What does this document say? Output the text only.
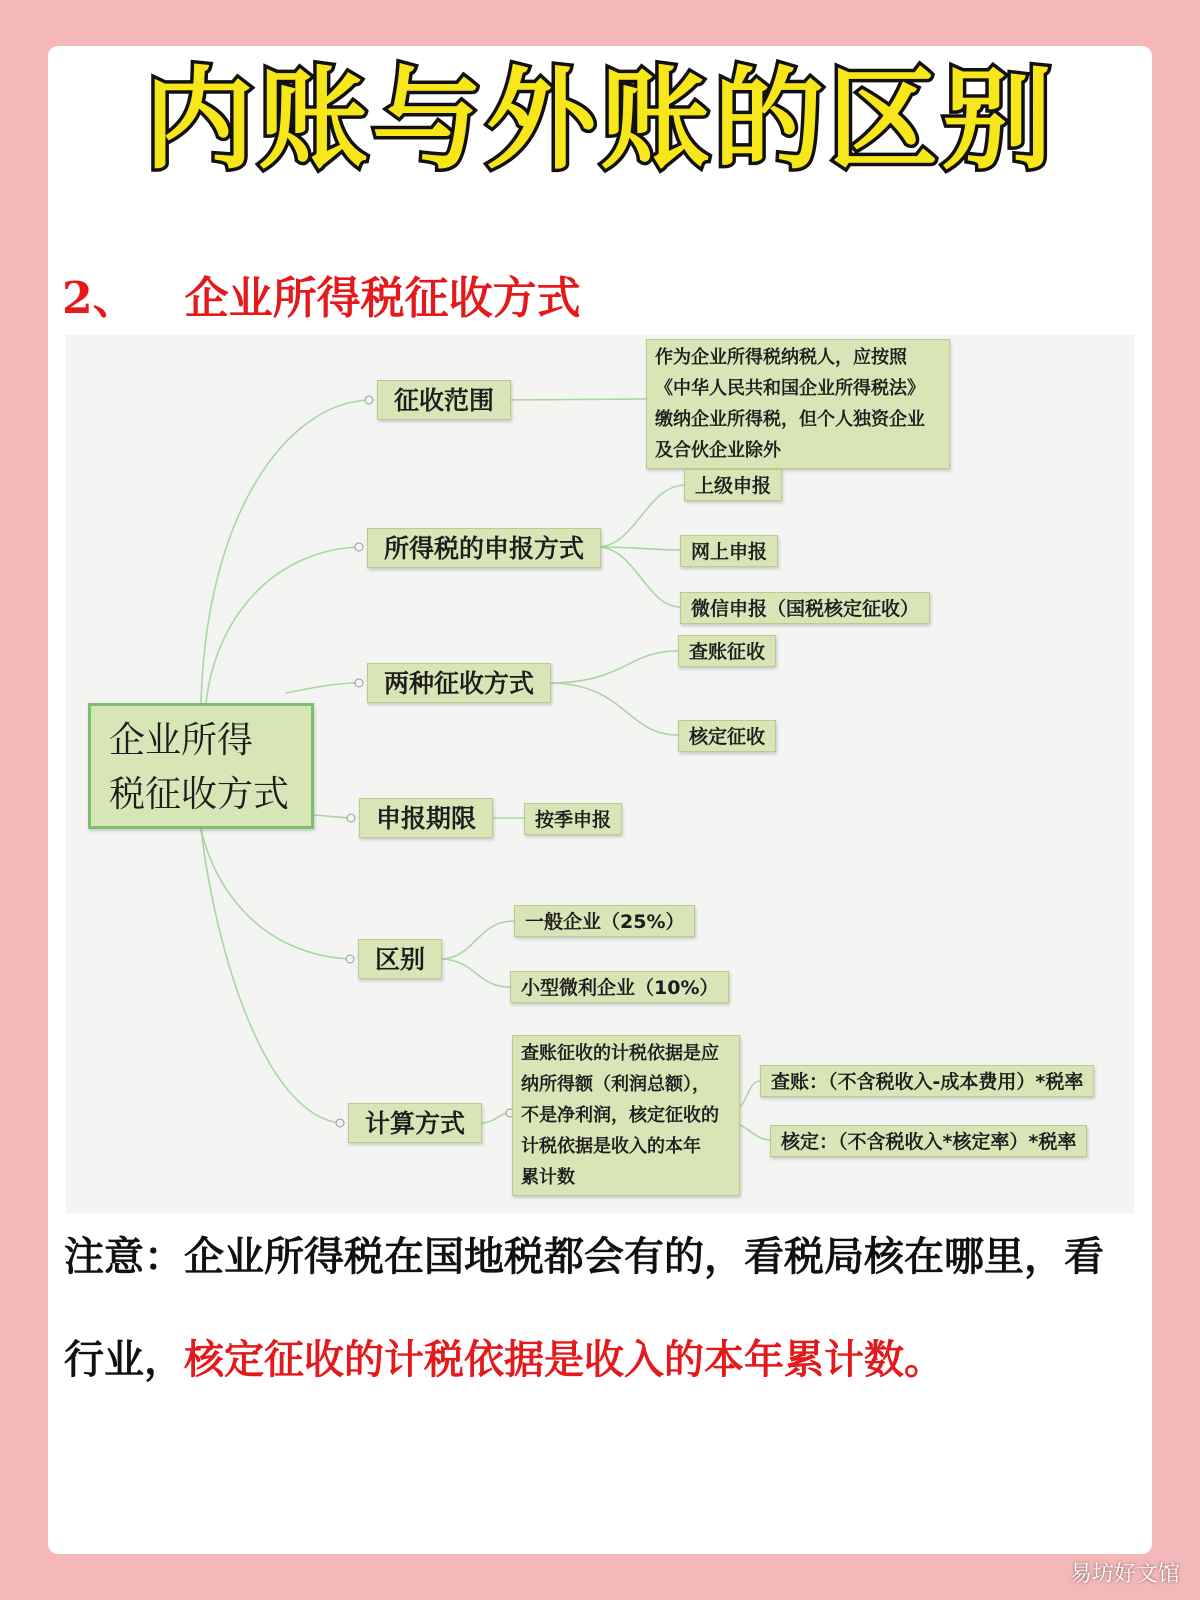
内账与外账的区别
2、 企业所得税征收方式
企业所得
税征收方式
征收范围
作为企业所得税纳税人，应按照
《中华人民共和国企业所得税法》
缴纳企业所得税，但个人独资企业
及合伙企业除外
所得税的申报方式
上级申报
网上申报
微信申报（国税核定征收）
两种征收方式
查账征收
核定征收
申报期限	按季申报
区别
一般企业（25%）
小型微利企业（10%）
计算方式
查账征收的计税依据是应
纳所得额（利润总额），
不是净利润，核定征收的
计税依据是收入的本年
累计数
查账：（不含税收入-成本费用）*税率
核定：（不含税收入*核定率）*税率
注意：企业所得税在国地税都会有的，看税局核在哪里，看行业，核定征收的计税依据是收入的本年累计数。
易坊好文馆
